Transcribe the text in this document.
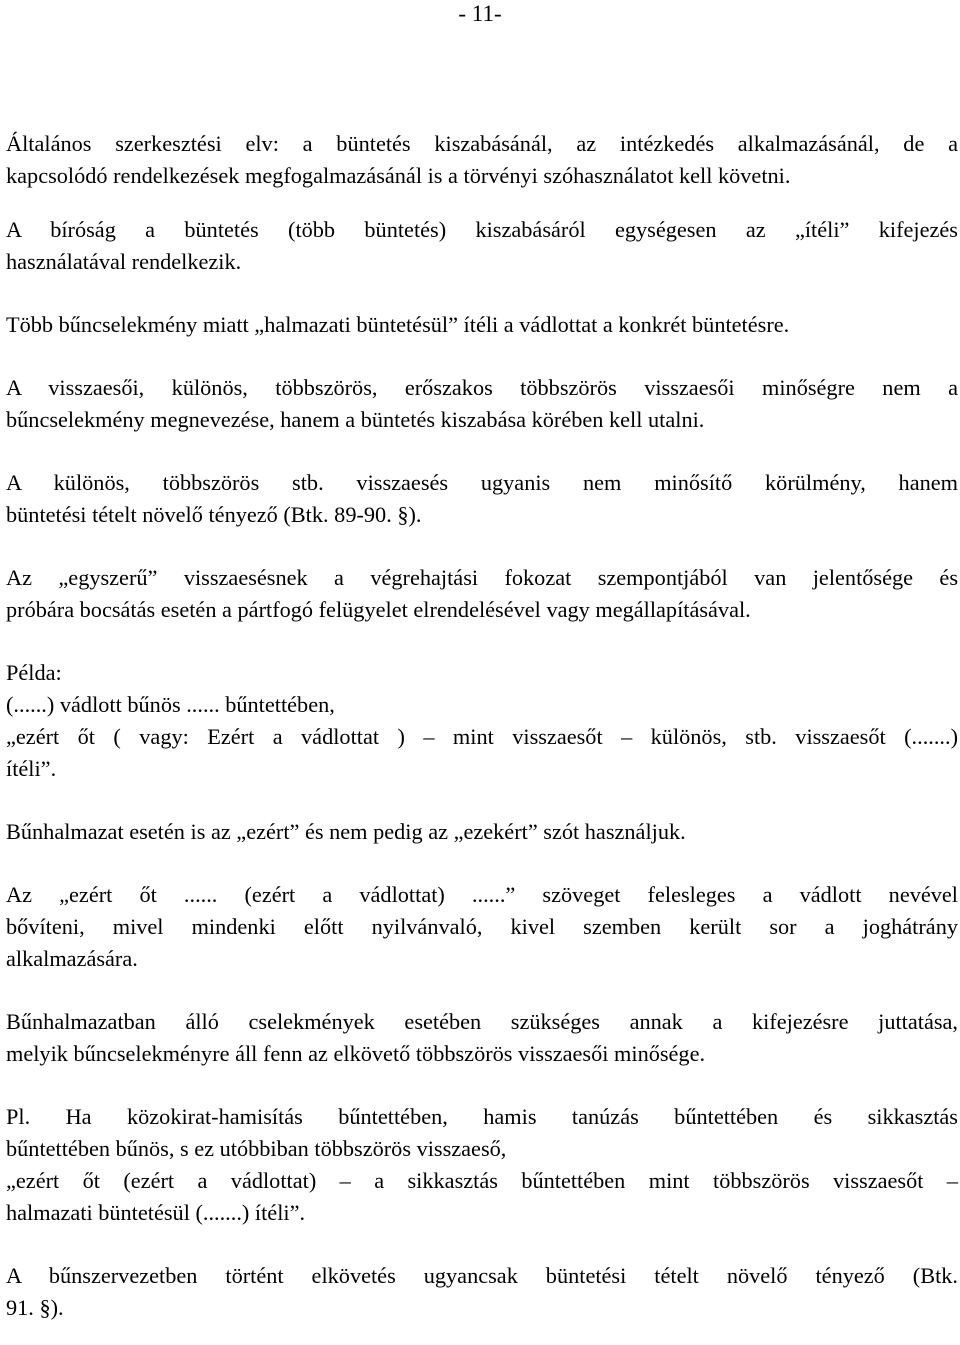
- 11-

Általános szerkesztési elv: a büntetés kiszabásánál, az intézkedés alkalmazásánál, de a
kapcsolódó rendelkezések megfogalmazásánál is a törvényi szóhasználatot kell követni.

A bíróság a büntetés (több büntetés) kiszabásáról egységesen az „ítéli” kifejezés
használatával rendelkezik.

Több bűncselekmény miatt „halmazati büntetésül” ítéli a vádlottat a konkrét büntetésre.

A visszaesői, különös, többszörös, erőszakos többszörös visszaesői minőségre nem a
bűncselekmény megnevezése, hanem a büntetés kiszabása körében kell utalni.

A különös, többszörös stb. visszaesés ugyanis nem minősítő körülmény, hanem
büntetési tételt növelő tényező (Btk. 89-90. §).

Az „egyszerű” visszaesésnek a végrehajtási fokozat szempontjából van jelentősége és
próbára bocsátás esetén a pártfogó felügyelet elrendelésével vagy megállapításával.

Példa:
(......) vádlott bűnös ...... bűntettében,
„ezért őt ( vagy: Ezért a vádlottat ) – mint visszaesőt – különös, stb. visszaesőt (.......)
ítéli”.

Bűnhalmazat esetén is az „ezért” és nem pedig az „ezekért” szót használjuk.

Az „ezért őt ...... (ezért a vádlottat) ......” szöveget felesleges a vádlott nevével
bővíteni, mivel mindenki előtt nyilvánvaló, kivel szemben került sor a joghátrány
alkalmazására.

Bűnhalmazatban álló cselekmények esetében szükséges annak a kifejezésre juttatása,
melyik bűncselekményre áll fenn az elkövető többszörös visszaesői minősége.

Pl. Ha közokirat-hamisítás bűntettében, hamis tanúzás bűntettében és sikkasztás
bűntettében bűnös, s ez utóbbiban többszörös visszaeső,
„ezért őt (ezért a vádlottat) – a sikkasztás bűntettében mint többszörös visszaesőt –
halmazati büntetésül (.......) ítéli”.

A bűnszervezetben történt elkövetés ugyancsak büntetési tételt növelő tényező (Btk.
91. §).
